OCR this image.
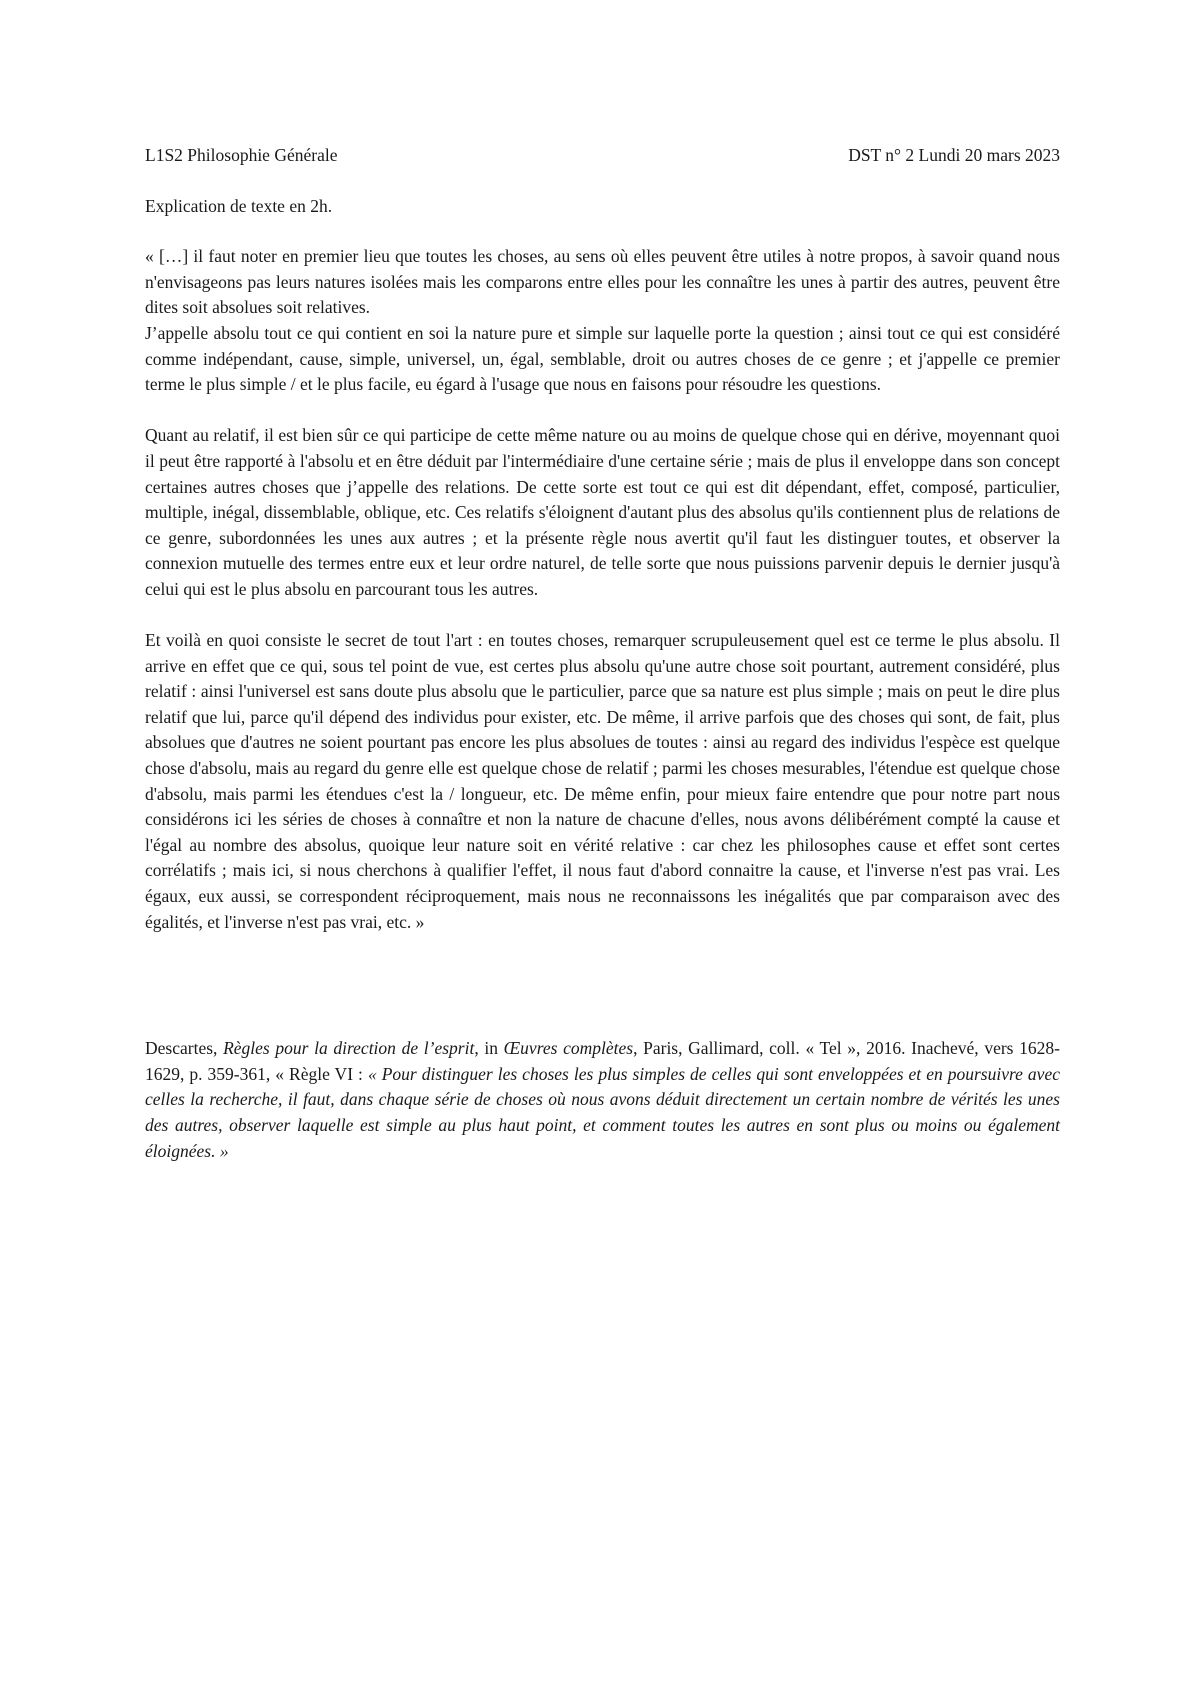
L1S2 Philosophie Générale	DST n° 2 Lundi 20 mars 2023
Explication de texte en 2h.

« […] il faut noter en premier lieu que toutes les choses, au sens où elles peuvent être utiles à notre propos, à savoir quand nous n'envisageons pas leurs natures isolées mais les comparons entre elles pour les connaître les unes à partir des autres, peuvent être dites soit absolues soit relatives.

J’appelle absolu tout ce qui contient en soi la nature pure et simple sur laquelle porte la question ; ainsi tout ce qui est considéré comme indépendant, cause, simple, universel, un, égal, semblable, droit ou autres choses de ce genre ; et j'appelle ce premier terme le plus simple / et le plus facile, eu égard à l'usage que nous en faisons pour résoudre les questions.

Quant au relatif, il est bien sûr ce qui participe de cette même nature ou au moins de quelque chose qui en dérive, moyennant quoi il peut être rapporté à l'absolu et en être déduit par l'intermédiaire d'une certaine série ; mais de plus il enveloppe dans son concept certaines autres choses que j’appelle des relations. De cette sorte est tout ce qui est dit dépendant, effet, composé, particulier, multiple, inégal, dissemblable, oblique, etc. Ces relatifs s'éloignent d'autant plus des absolus qu'ils contiennent plus de relations de ce genre, subordonnées les unes aux autres ; et la présente règle nous avertit qu'il faut les distinguer toutes, et observer la connexion mutuelle des termes entre eux et leur ordre naturel, de telle sorte que nous puissions parvenir depuis le dernier jusqu'à celui qui est le plus absolu en parcourant tous les autres.

Et voilà en quoi consiste le secret de tout l'art : en toutes choses, remarquer scrupuleusement quel est ce terme le plus absolu. Il arrive en effet que ce qui, sous tel point de vue, est certes plus absolu qu'une autre chose soit pourtant, autrement considéré, plus relatif : ainsi l'universel est sans doute plus absolu que le particulier, parce que sa nature est plus simple ; mais on peut le dire plus relatif que lui, parce qu'il dépend des individus pour exister, etc. De même, il arrive parfois que des choses qui sont, de fait, plus absolues que d'autres ne soient pourtant pas encore les plus absolues de toutes : ainsi au regard des individus l'espèce est quelque chose d'absolu, mais au regard du genre elle est quelque chose de relatif ; parmi les choses mesurables, l'étendue est quelque chose d'absolu, mais parmi les étendues c'est la / longueur, etc. De même enfin, pour mieux faire entendre que pour notre part nous considérons ici les séries de choses à connaître et non la nature de chacune d'elles, nous avons délibérément compté la cause et l'égal au nombre des absolus, quoique leur nature soit en vérité relative : car chez les philosophes cause et effet sont certes corrélatifs ; mais ici, si nous cherchons à qualifier l'effet, il nous faut d'abord connaitre la cause, et l'inverse n'est pas vrai. Les égaux, eux aussi, se correspondent réciproquement, mais nous ne reconnaissons les inégalités que par comparaison avec des égalités, et l'inverse n'est pas vrai, etc. »

Descartes, Règles pour la direction de l’esprit, in Œuvres complètes, Paris, Gallimard, coll. « Tel », 2016. Inachevé, vers 1628-1629, p. 359-361, « Règle VI : « Pour distinguer les choses les plus simples de celles qui sont enveloppées et en poursuivre avec celles la recherche, il faut, dans chaque série de choses où nous avons déduit directement un certain nombre de vérités les unes des autres, observer laquelle est simple au plus haut point, et comment toutes les autres en sont plus ou moins ou également éloignées. »
